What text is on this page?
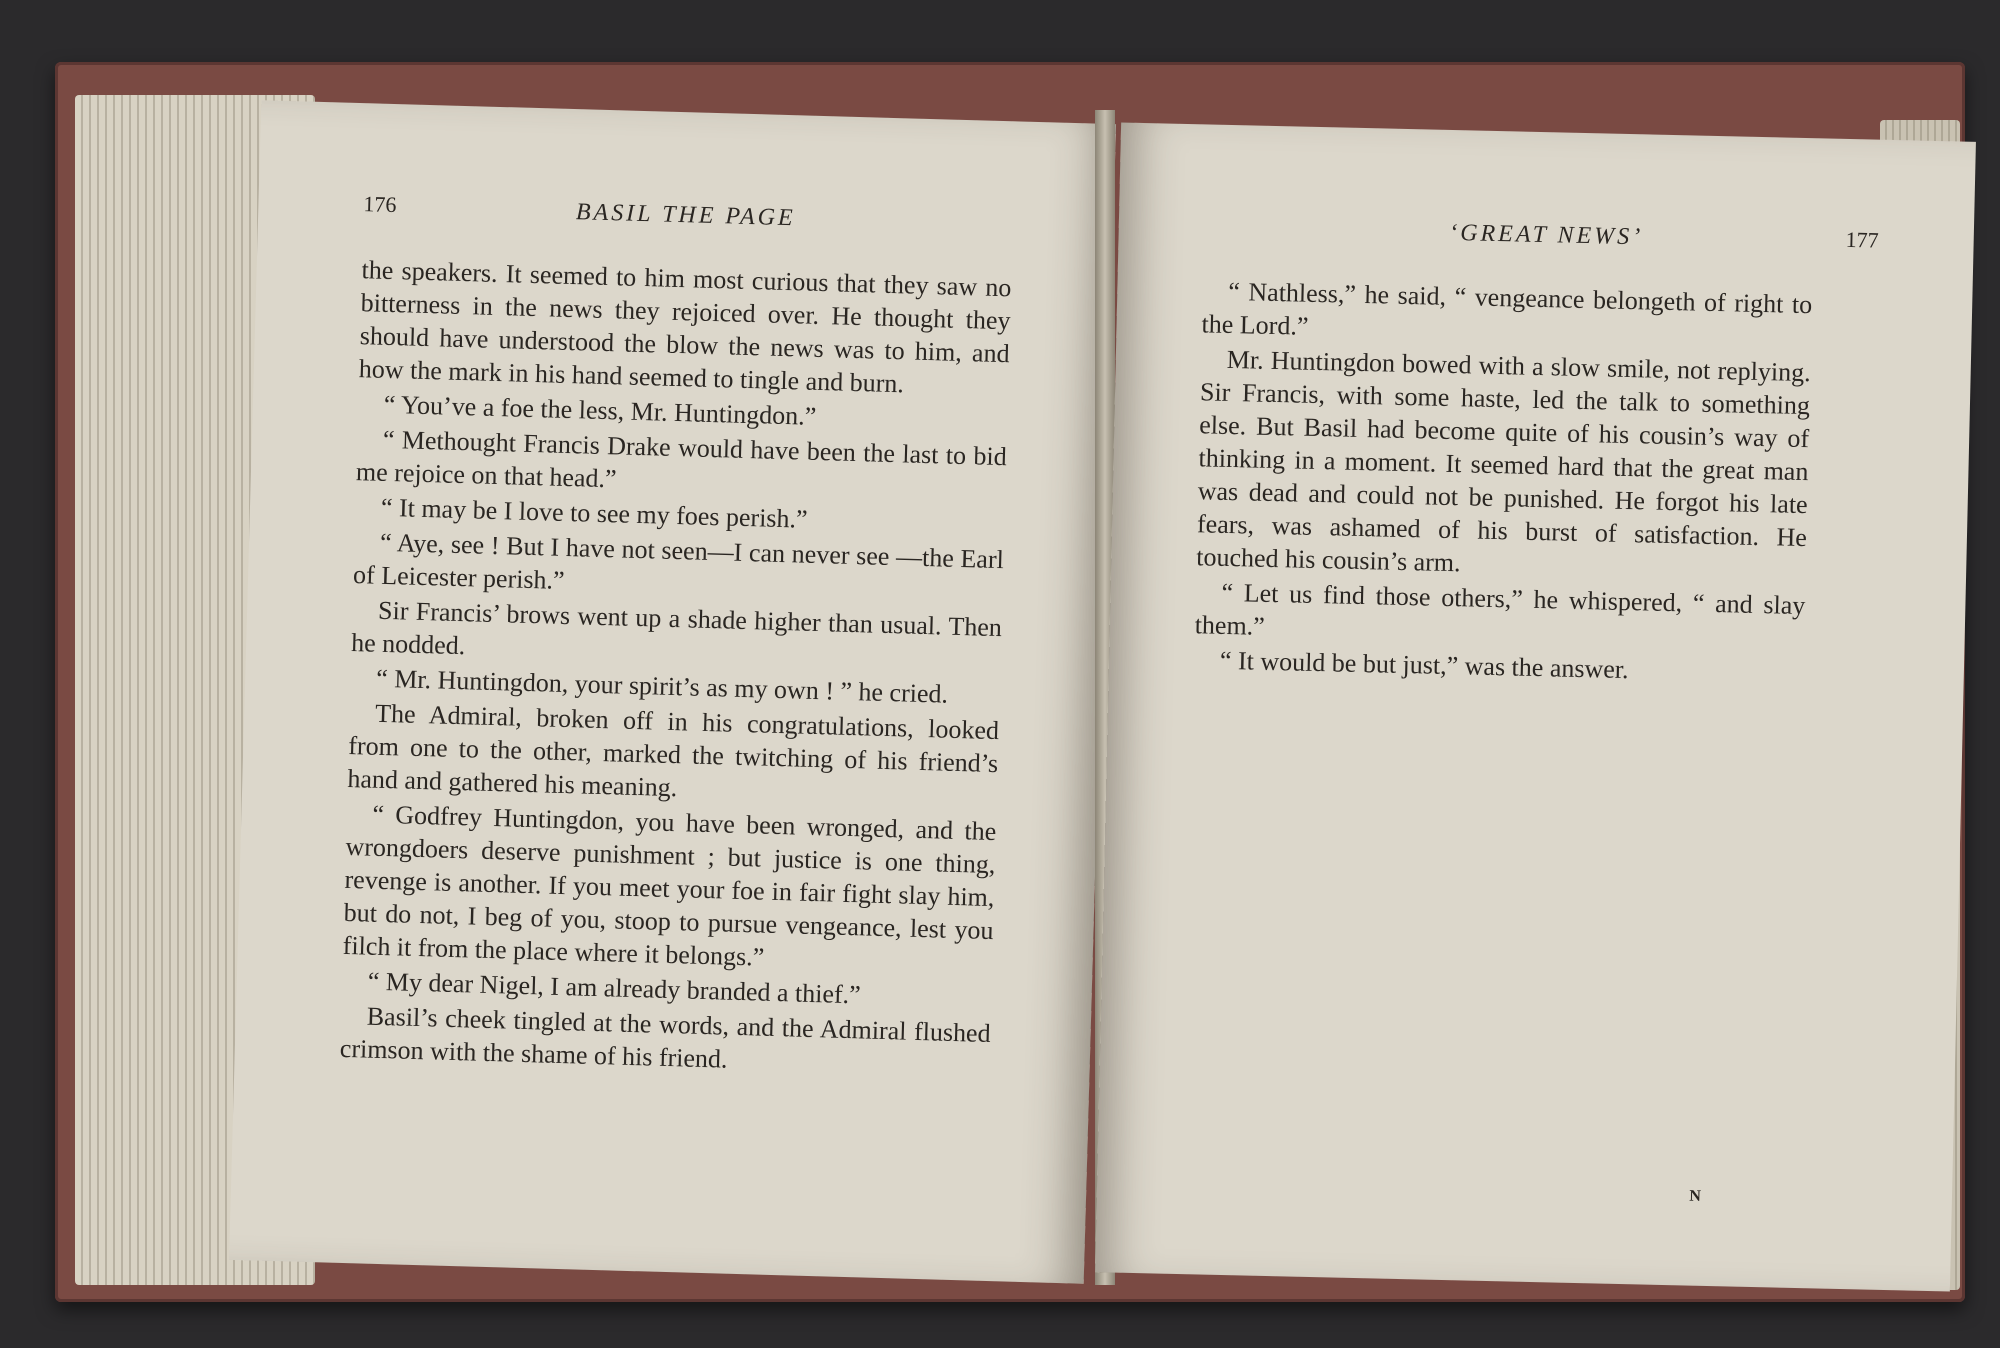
176	BASIL THE PAGE

the speakers. It seemed to him most curious that they saw no bitterness in the news they rejoiced over. He thought they should have understood the blow the news was to him, and how the mark in his hand seemed to tingle and burn.

“ You’ve a foe the less, Mr. Huntingdon.”

“ Methought Francis Drake would have been the last to bid me rejoice on that head.”

“ It may be I love to see my foes perish.”

“ Aye, see ! But I have not seen—I can never see —the Earl of Leicester perish.”

Sir Francis’ brows went up a shade higher than usual. Then he nodded.

“ Mr. Huntingdon, your spirit’s as my own ! ” he cried.

The Admiral, broken off in his congratulations, looked from one to the other, marked the twitching of his friend’s hand and gathered his meaning.

“ Godfrey Huntingdon, you have been wronged, and the wrongdoers deserve punishment ; but justice is one thing, revenge is another. If you meet your foe in fair fight slay him, but do not, I beg of you, stoop to pursue vengeance, lest you filch it from the place where it belongs.”

“ My dear Nigel, I am already branded a thief.”

Basil’s cheek tingled at the words, and the Admiral flushed crimson with the shame of his friend.

‘GREAT NEWS’	177

“ Nathless,” he said, “ vengeance belongeth of right to the Lord.”

Mr. Huntingdon bowed with a slow smile, not replying. Sir Francis, with some haste, led the talk to something else. But Basil had become quite of his cousin’s way of thinking in a moment. It seemed hard that the great man was dead and could not be punished. He forgot his late fears, was ashamed of his burst of satisfaction. He touched his cousin’s arm.

“ Let us find those others,” he whispered, “ and slay them.”

“ It would be but just,” was the answer.

N
